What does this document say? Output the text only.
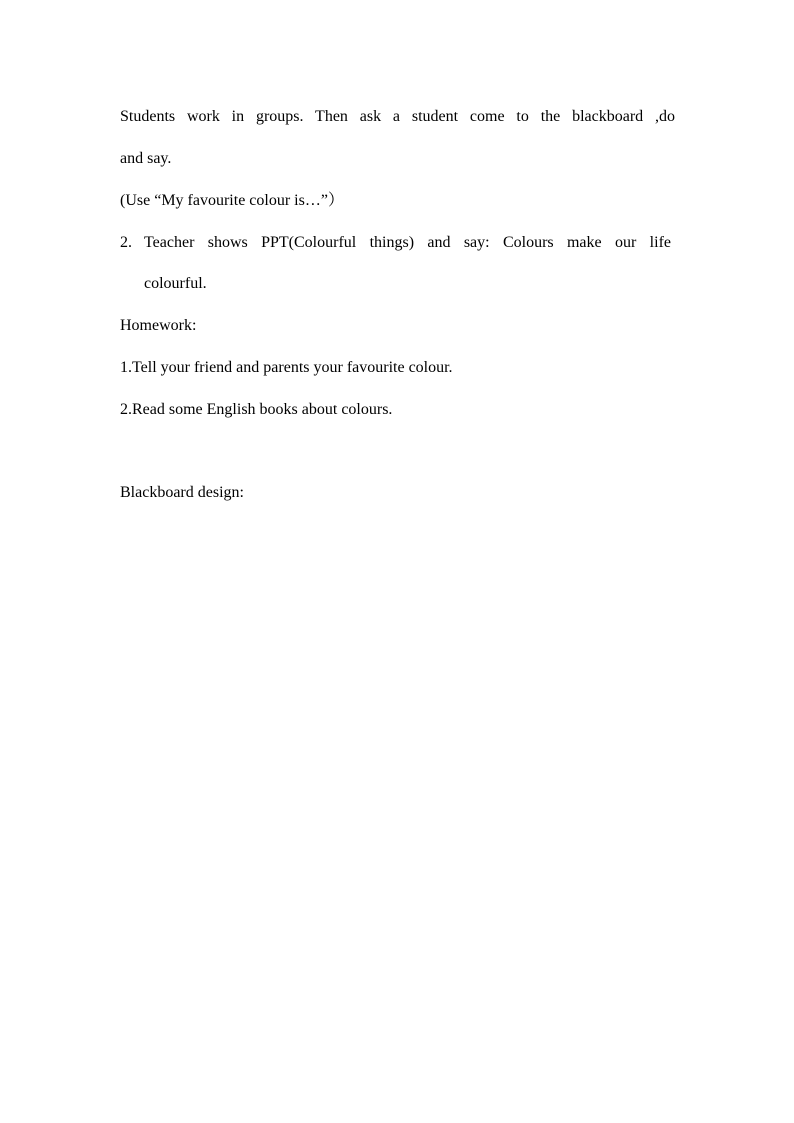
Students work in groups. Then ask a student come to the blackboard ,do
and say.
(Use “My favourite colour is…”）
2. Teacher shows PPT(Colourful things) and say: Colours make our life
colourful.
Homework:
1.Tell your friend and parents your favourite colour.
2.Read some English books about colours.
Blackboard design:
